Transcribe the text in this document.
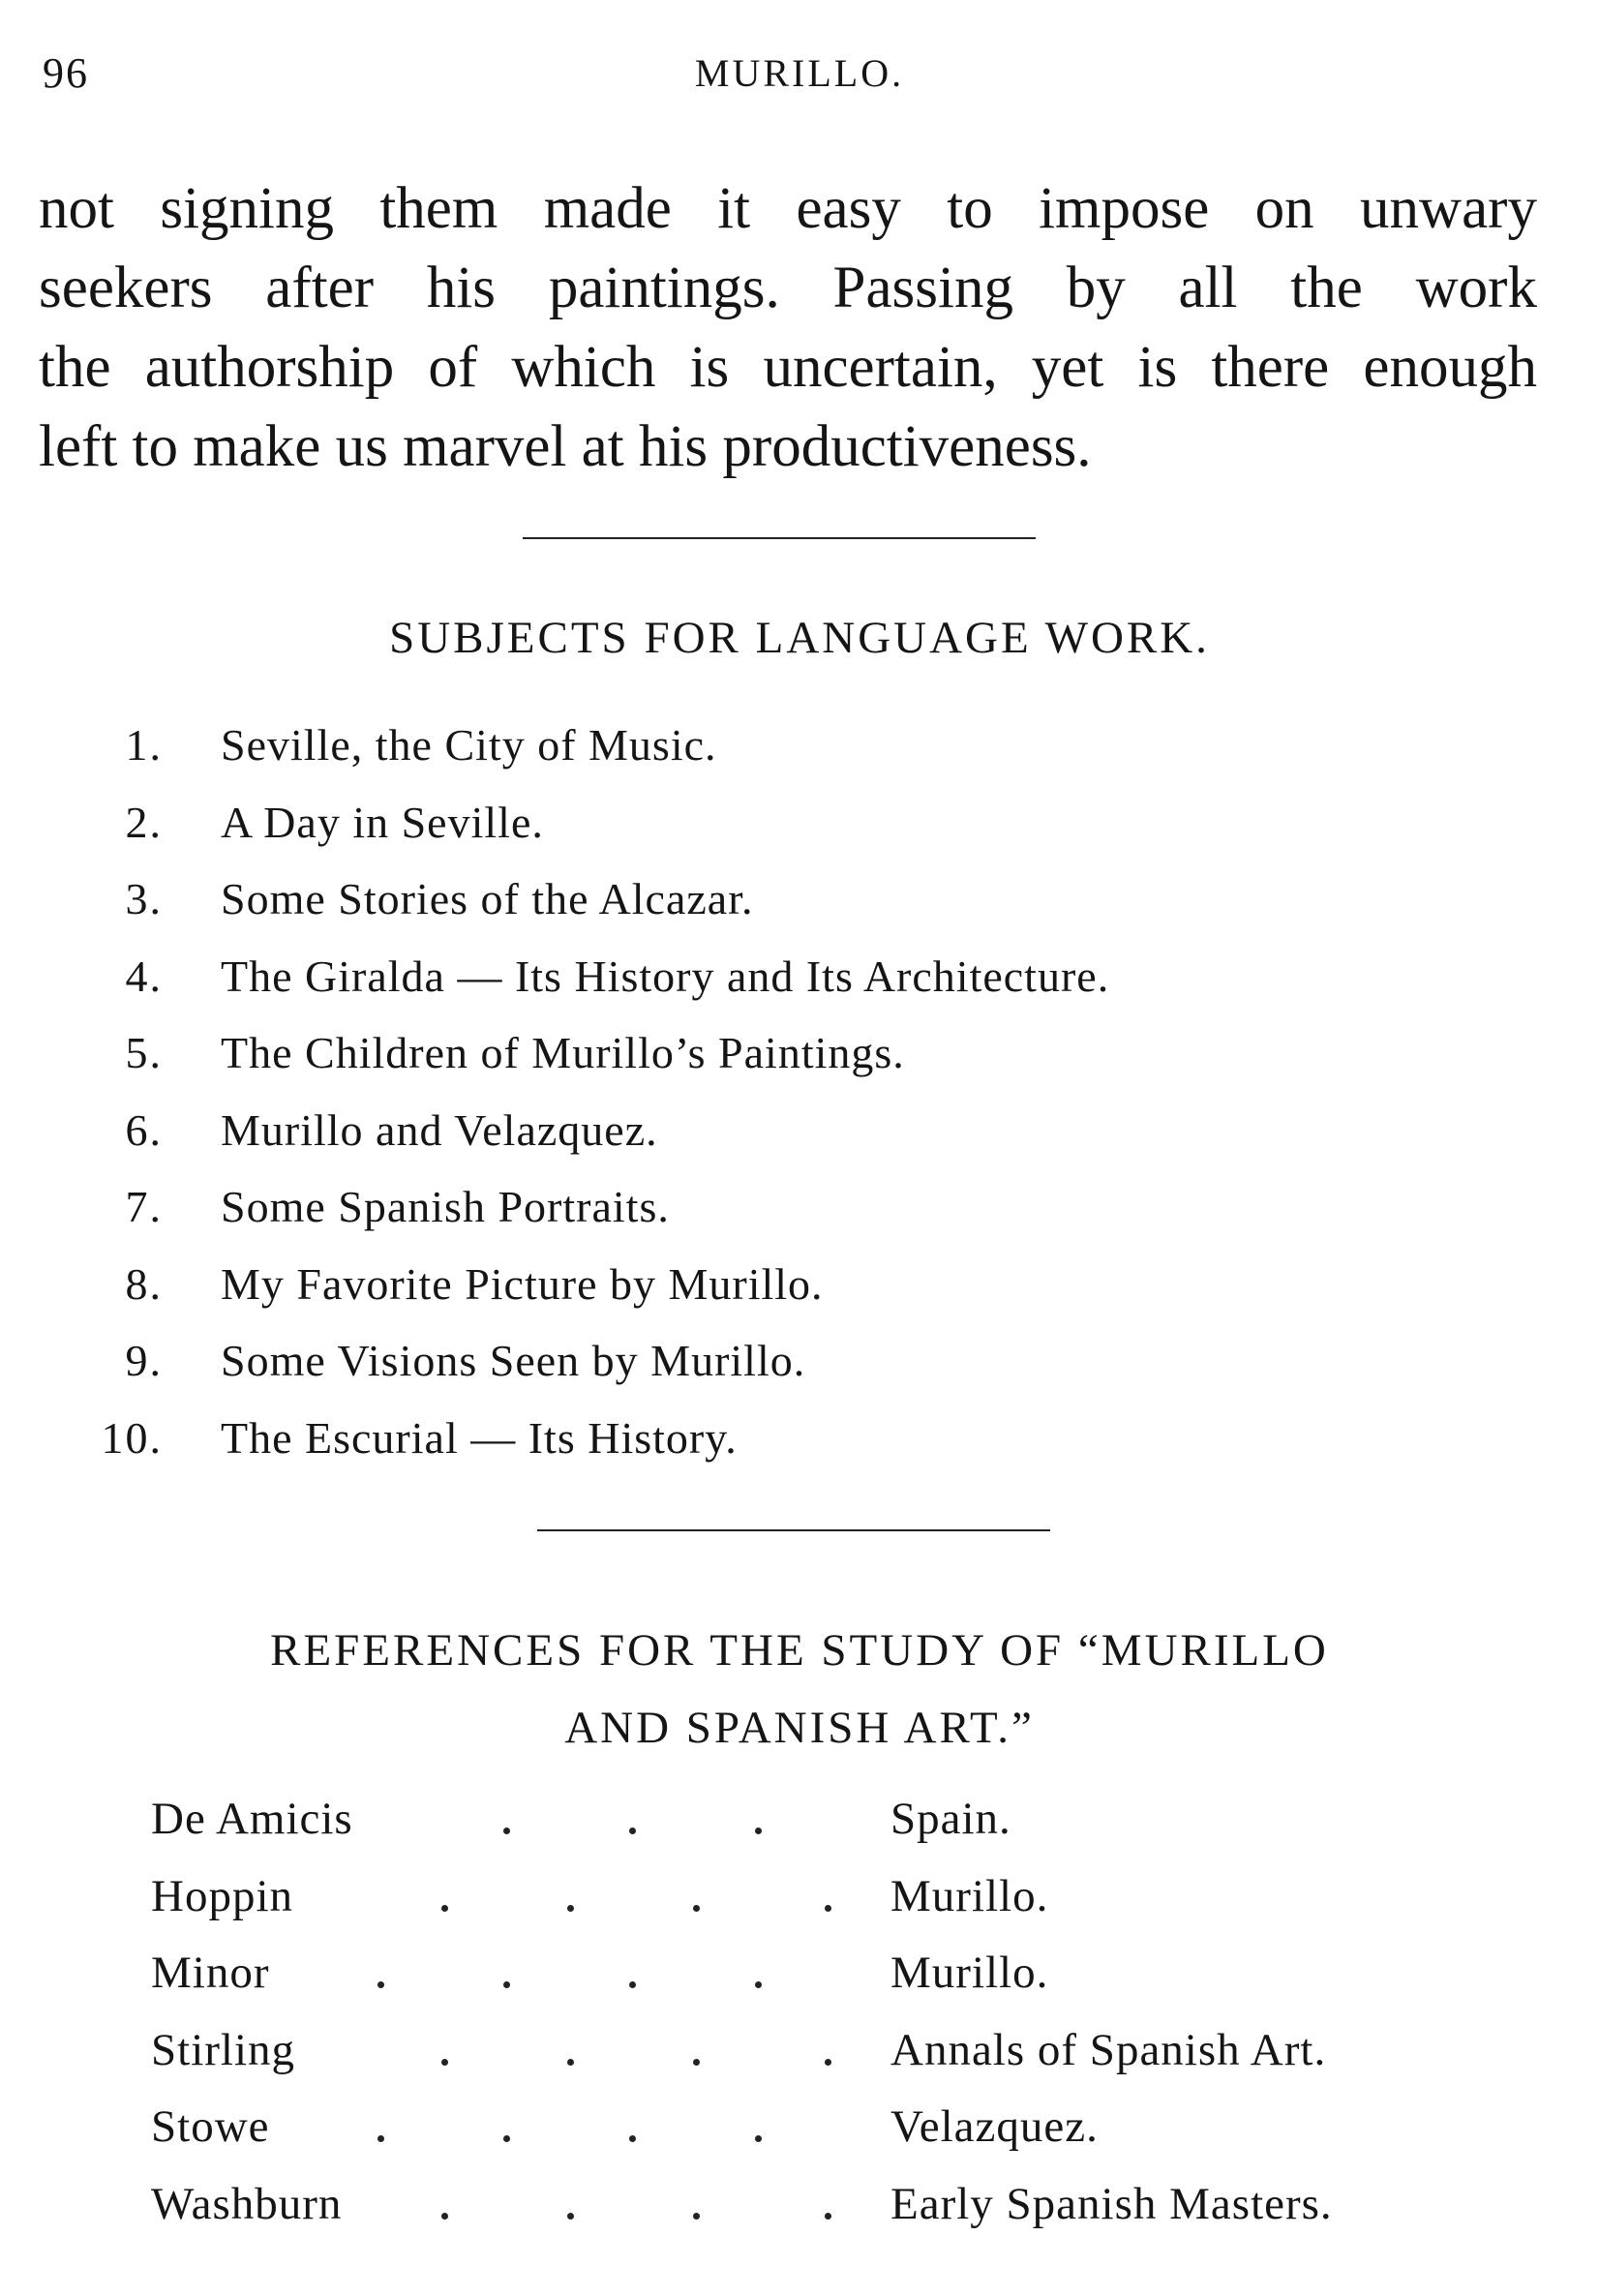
96	MURILLO.
not signing them made it easy to impose on unwary
seekers after his paintings. Passing by all the work
the authorship of which is uncertain, yet is there enough
left to make us marvel at his productiveness.
SUBJECTS FOR LANGUAGE WORK.
1. Seville, the City of Music.
2. A Day in Seville.
3. Some Stories of the Alcazar.
4. The Giralda — Its History and Its Architecture.
5. The Children of Murillo’s Paintings.
6. Murillo and Velazquez.
7. Some Spanish Portraits.
8. My Favorite Picture by Murillo.
9. Some Visions Seen by Murillo.
10. The Escurial — Its History.
REFERENCES FOR THE STUDY OF “MURILLO
AND SPANISH ART.”
De Amicis	Spain.
Hoppin	Murillo.
Minor	Murillo.
Stirling	Annals of Spanish Art.
Stowe	Velazquez.
Washburn	Early Spanish Masters.
